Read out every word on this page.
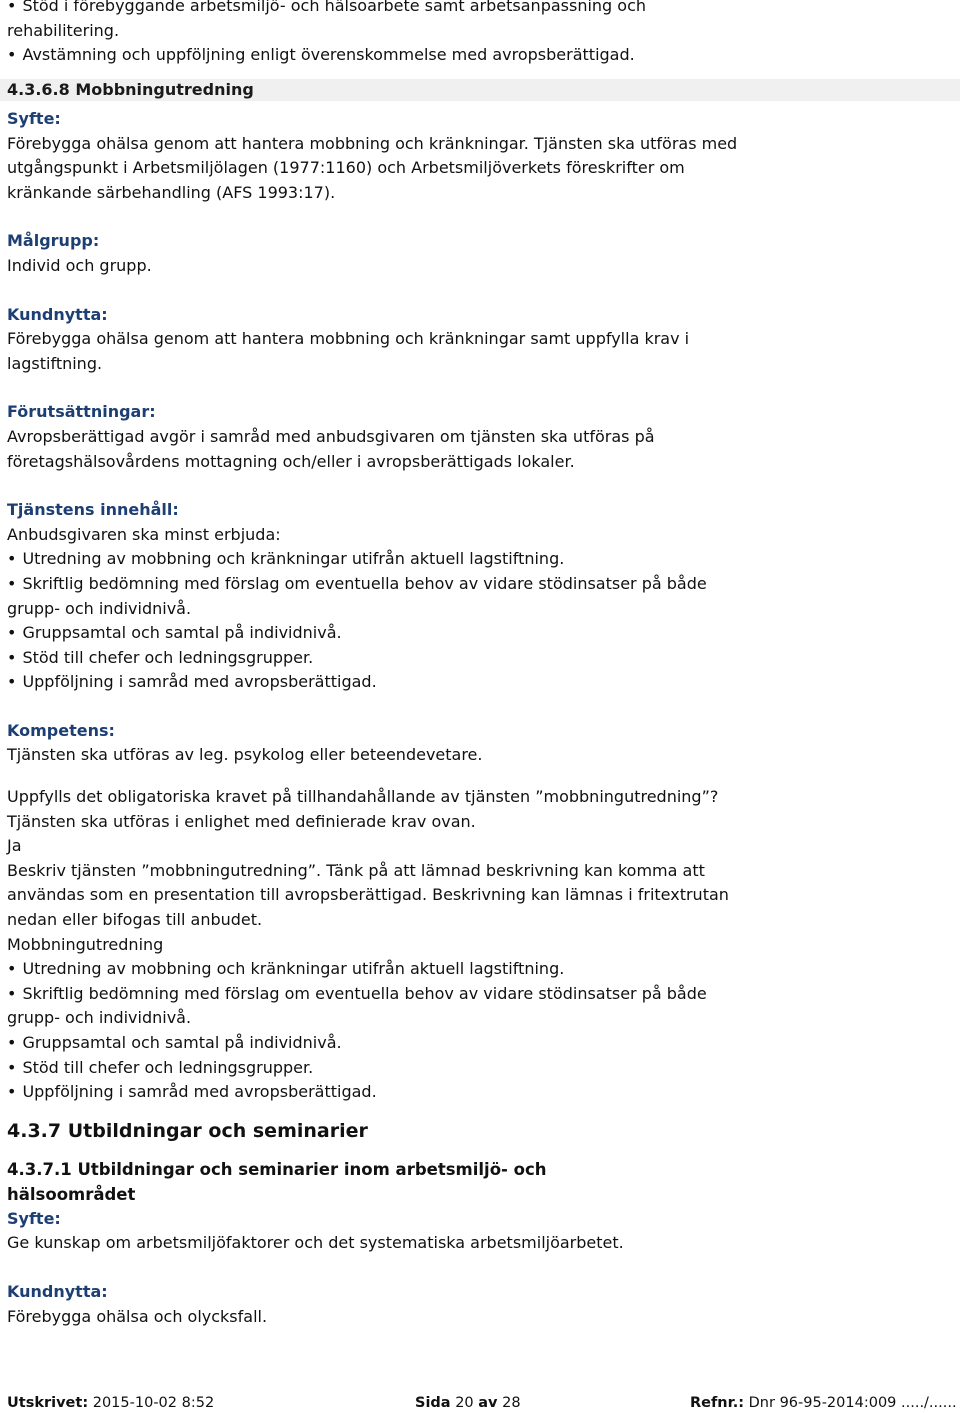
• Stöd i förebyggande arbetsmiljö- och hälsoarbete samt arbetsanpassning och

rehabilitering.

• Avstämning och uppföljning enligt överenskommelse med avropsberättigad.

4.3.6.8 Mobbningutredning

Syfte:

Förebygga ohälsa genom att hantera mobbning och kränkningar. Tjänsten ska utföras med

utgångspunkt i Arbetsmiljölagen (1977:1160) och Arbetsmiljöverkets föreskrifter om

kränkande särbehandling (AFS 1993:17).

Målgrupp:

Individ och grupp.

Kundnytta:

Förebygga ohälsa genom att hantera mobbning och kränkningar samt uppfylla krav i

lagstiftning.

Förutsättningar:

Avropsberättigad avgör i samråd med anbudsgivaren om tjänsten ska utföras på

företagshälsovårdens mottagning och/eller i avropsberättigads lokaler.

Tjänstens innehåll:

Anbudsgivaren ska minst erbjuda:

• Utredning av mobbning och kränkningar utifrån aktuell lagstiftning.

• Skriftlig bedömning med förslag om eventuella behov av vidare stödinsatser på både

grupp- och individnivå.

• Gruppsamtal och samtal på individnivå.

• Stöd till chefer och ledningsgrupper.

• Uppföljning i samråd med avropsberättigad.

Kompetens:

Tjänsten ska utföras av leg. psykolog eller beteendevetare.

Uppfylls det obligatoriska kravet på tillhandahållande av tjänsten ”mobbningutredning”?

Tjänsten ska utföras i enlighet med definierade krav ovan.

Ja

Beskriv tjänsten ”mobbningutredning”. Tänk på att lämnad beskrivning kan komma att

användas som en presentation till avropsberättigad. Beskrivning kan lämnas i fritextrutan

nedan eller bifogas till anbudet.

Mobbningutredning

• Utredning av mobbning och kränkningar utifrån aktuell lagstiftning.

• Skriftlig bedömning med förslag om eventuella behov av vidare stödinsatser på både

grupp- och individnivå.

• Gruppsamtal och samtal på individnivå.

• Stöd till chefer och ledningsgrupper.

• Uppföljning i samråd med avropsberättigad.

4.3.7 Utbildningar och seminarier

4.3.7.1 Utbildningar och seminarier inom arbetsmiljö- och

hälsoområdet

Syfte:

Ge kunskap om arbetsmiljöfaktorer och det systematiska arbetsmiljöarbetet.

Kundnytta:

Förebygga ohälsa och olycksfall.

Utskrivet: 2015-10-02 8:52	Sida 20 av 28	Refnr.: Dnr 96-95-2014:009 ...../......
